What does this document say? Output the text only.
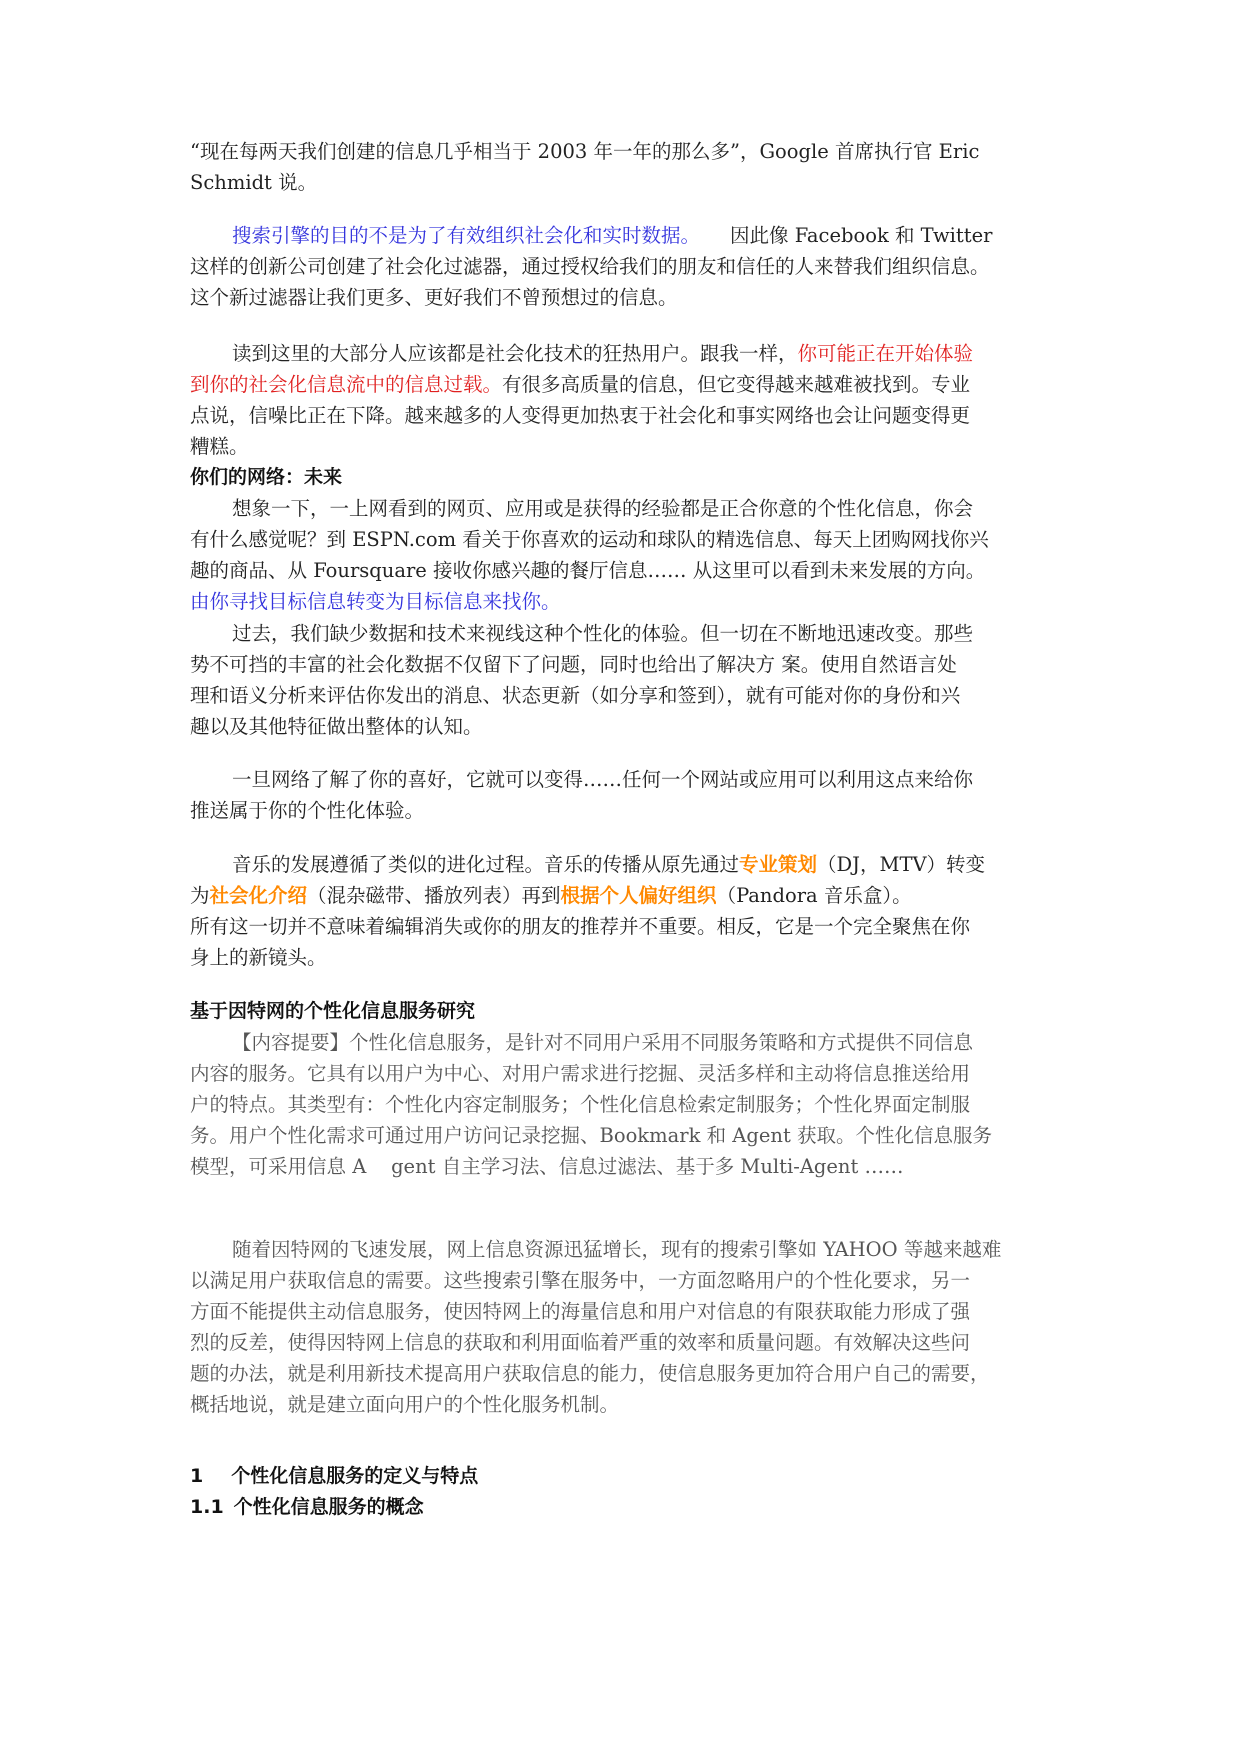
“现在每两天我们创建的信息几乎相当于 2003 年一年的那么多”，Google 首席执行官 Eric
Schmidt 说。
搜索引擎的目的不是为了有效组织社会化和实时数据。 因此像 Facebook 和 Twitter
这样的创新公司创建了社会化过滤器，通过授权给我们的朋友和信任的人来替我们组织信息。
这个新过滤器让我们更多、更好我们不曾预想过的信息。
读到这里的大部分人应该都是社会化技术的狂热用户。跟我一样，你可能正在开始体验
到你的社会化信息流中的信息过载。有很多高质量的信息，但它变得越来越难被找到。专业
点说，信噪比正在下降。越来越多的人变得更加热衷于社会化和事实网络也会让问题变得更
糟糕。
你们的网络：未来
想象一下，一上网看到的网页、应用或是获得的经验都是正合你意的个性化信息，你会
有什么感觉呢？到 ESPN.com 看关于你喜欢的运动和球队的精选信息、每天上团购网找你兴
趣的商品、从 Foursquare 接收你感兴趣的餐厅信息…… 从这里可以看到未来发展的方向。
由你寻找目标信息转变为目标信息来找你。
过去，我们缺少数据和技术来视线这种个性化的体验。但一切在不断地迅速改变。那些
势不可挡的丰富的社会化数据不仅留下了问题，同时也给出了解决方 案。使用自然语言处
理和语义分析来评估你发出的消息、状态更新（如分享和签到），就有可能对你的身份和兴
趣以及其他特征做出整体的认知。
一旦网络了解了你的喜好，它就可以变得……任何一个网站或应用可以利用这点来给你
推送属于你的个性化体验。
音乐的发展遵循了类似的进化过程。音乐的传播从原先通过专业策划（DJ，MTV）转变
为社会化介绍（混杂磁带、播放列表）再到根据个人偏好组织（Pandora 音乐盒）。
所有这一切并不意味着编辑消失或你的朋友的推荐并不重要。相反，它是一个完全聚焦在你
身上的新镜头。
基于因特网的个性化信息服务研究
【内容提要】个性化信息服务，是针对不同用户采用不同服务策略和方式提供不同信息
内容的服务。它具有以用户为中心、对用户需求进行挖掘、灵活多样和主动将信息推送给用
户的特点。其类型有：个性化内容定制服务；个性化信息检索定制服务；个性化界面定制服
务。用户个性化需求可通过用户访问记录挖掘、Bookmark 和 Agent 获取。个性化信息服务
模型，可采用信息 A    gent 自主学习法、信息过滤法、基于多 Multi-Agent ……
随着因特网的飞速发展，网上信息资源迅猛增长，现有的搜索引擎如 YAHOO 等越来越难
以满足用户获取信息的需要。这些搜索引擎在服务中，一方面忽略用户的个性化要求，另一
方面不能提供主动信息服务，使因特网上的海量信息和用户对信息的有限获取能力形成了强
烈的反差，使得因特网上信息的获取和利用面临着严重的效率和质量问题。有效解决这些问
题的办法，就是利用新技术提高用户获取信息的能力，使信息服务更加符合用户自己的需要，
概括地说，就是建立面向用户的个性化服务机制。
1 个性化信息服务的定义与特点
1.1 个性化信息服务的概念
